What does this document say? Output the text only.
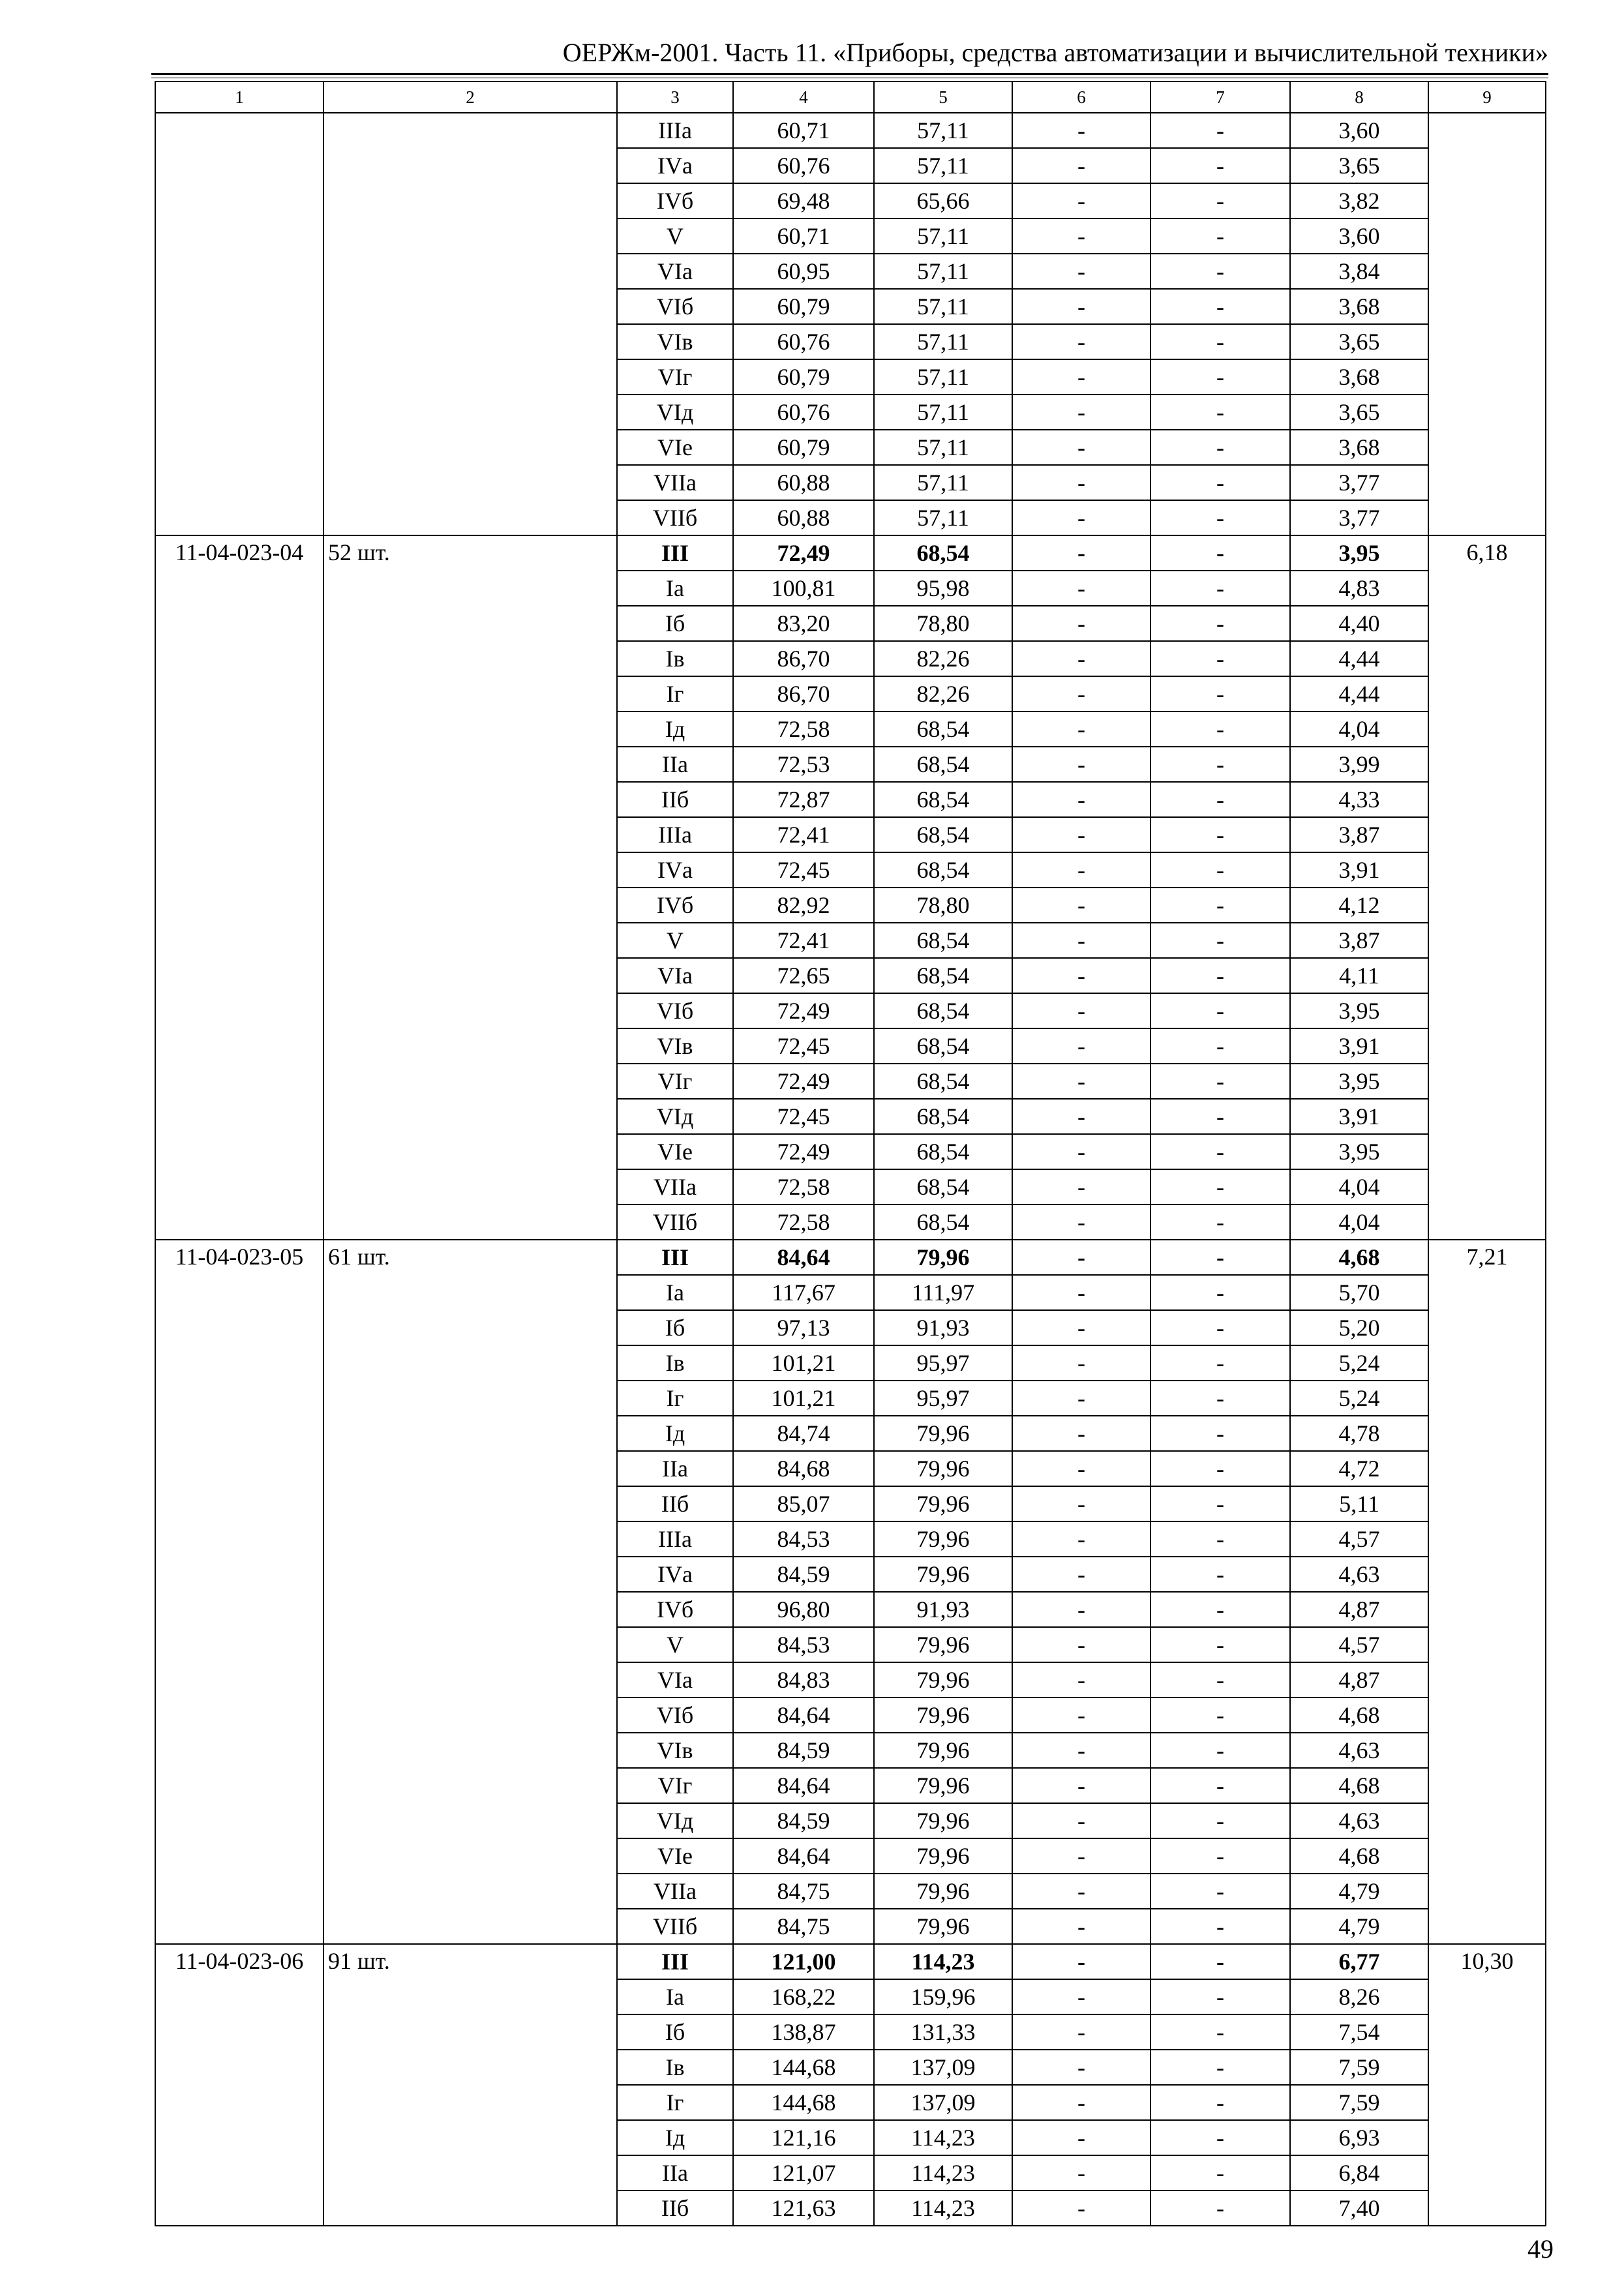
ОЕРЖм-2001. Часть 11. «Приборы, средства автоматизации и вычислительной техники»
1	2	3	4	5	6	7	8	9
		IIIа	60,71	57,11	-	-	3,60	
		IVа	60,76	57,11	-	-	3,65	
		IVб	69,48	65,66	-	-	3,82	
		V	60,71	57,11	-	-	3,60	
		VIа	60,95	57,11	-	-	3,84	
		VIб	60,79	57,11	-	-	3,68	
		VIв	60,76	57,11	-	-	3,65	
		VIг	60,79	57,11	-	-	3,68	
		VIд	60,76	57,11	-	-	3,65	
		VIе	60,79	57,11	-	-	3,68	
		VIIа	60,88	57,11	-	-	3,77	
		VIIб	60,88	57,11	-	-	3,77	
11-04-023-04	52 шт.	III	72,49	68,54	-	-	3,95	6,18
		Iа	100,81	95,98	-	-	4,83	
		Iб	83,20	78,80	-	-	4,40	
		Iв	86,70	82,26	-	-	4,44	
		Iг	86,70	82,26	-	-	4,44	
		Iд	72,58	68,54	-	-	4,04	
		IIа	72,53	68,54	-	-	3,99	
		IIб	72,87	68,54	-	-	4,33	
		IIIа	72,41	68,54	-	-	3,87	
		IVа	72,45	68,54	-	-	3,91	
		IVб	82,92	78,80	-	-	4,12	
		V	72,41	68,54	-	-	3,87	
		VIа	72,65	68,54	-	-	4,11	
		VIб	72,49	68,54	-	-	3,95	
		VIв	72,45	68,54	-	-	3,91	
		VIг	72,49	68,54	-	-	3,95	
		VIд	72,45	68,54	-	-	3,91	
		VIе	72,49	68,54	-	-	3,95	
		VIIа	72,58	68,54	-	-	4,04	
		VIIб	72,58	68,54	-	-	4,04	
11-04-023-05	61 шт.	III	84,64	79,96	-	-	4,68	7,21
		Iа	117,67	111,97	-	-	5,70	
		Iб	97,13	91,93	-	-	5,20	
		Iв	101,21	95,97	-	-	5,24	
		Iг	101,21	95,97	-	-	5,24	
		Iд	84,74	79,96	-	-	4,78	
		IIа	84,68	79,96	-	-	4,72	
		IIб	85,07	79,96	-	-	5,11	
		IIIа	84,53	79,96	-	-	4,57	
		IVа	84,59	79,96	-	-	4,63	
		IVб	96,80	91,93	-	-	4,87	
		V	84,53	79,96	-	-	4,57	
		VIа	84,83	79,96	-	-	4,87	
		VIб	84,64	79,96	-	-	4,68	
		VIв	84,59	79,96	-	-	4,63	
		VIг	84,64	79,96	-	-	4,68	
		VIд	84,59	79,96	-	-	4,63	
		VIе	84,64	79,96	-	-	4,68	
		VIIа	84,75	79,96	-	-	4,79	
		VIIб	84,75	79,96	-	-	4,79	
11-04-023-06	91 шт.	III	121,00	114,23	-	-	6,77	10,30
		Iа	168,22	159,96	-	-	8,26	
		Iб	138,87	131,33	-	-	7,54	
		Iв	144,68	137,09	-	-	7,59	
		Iг	144,68	137,09	-	-	7,59	
		Iд	121,16	114,23	-	-	6,93	
		IIа	121,07	114,23	-	-	6,84	
		IIб	121,63	114,23	-	-	7,40	
49
